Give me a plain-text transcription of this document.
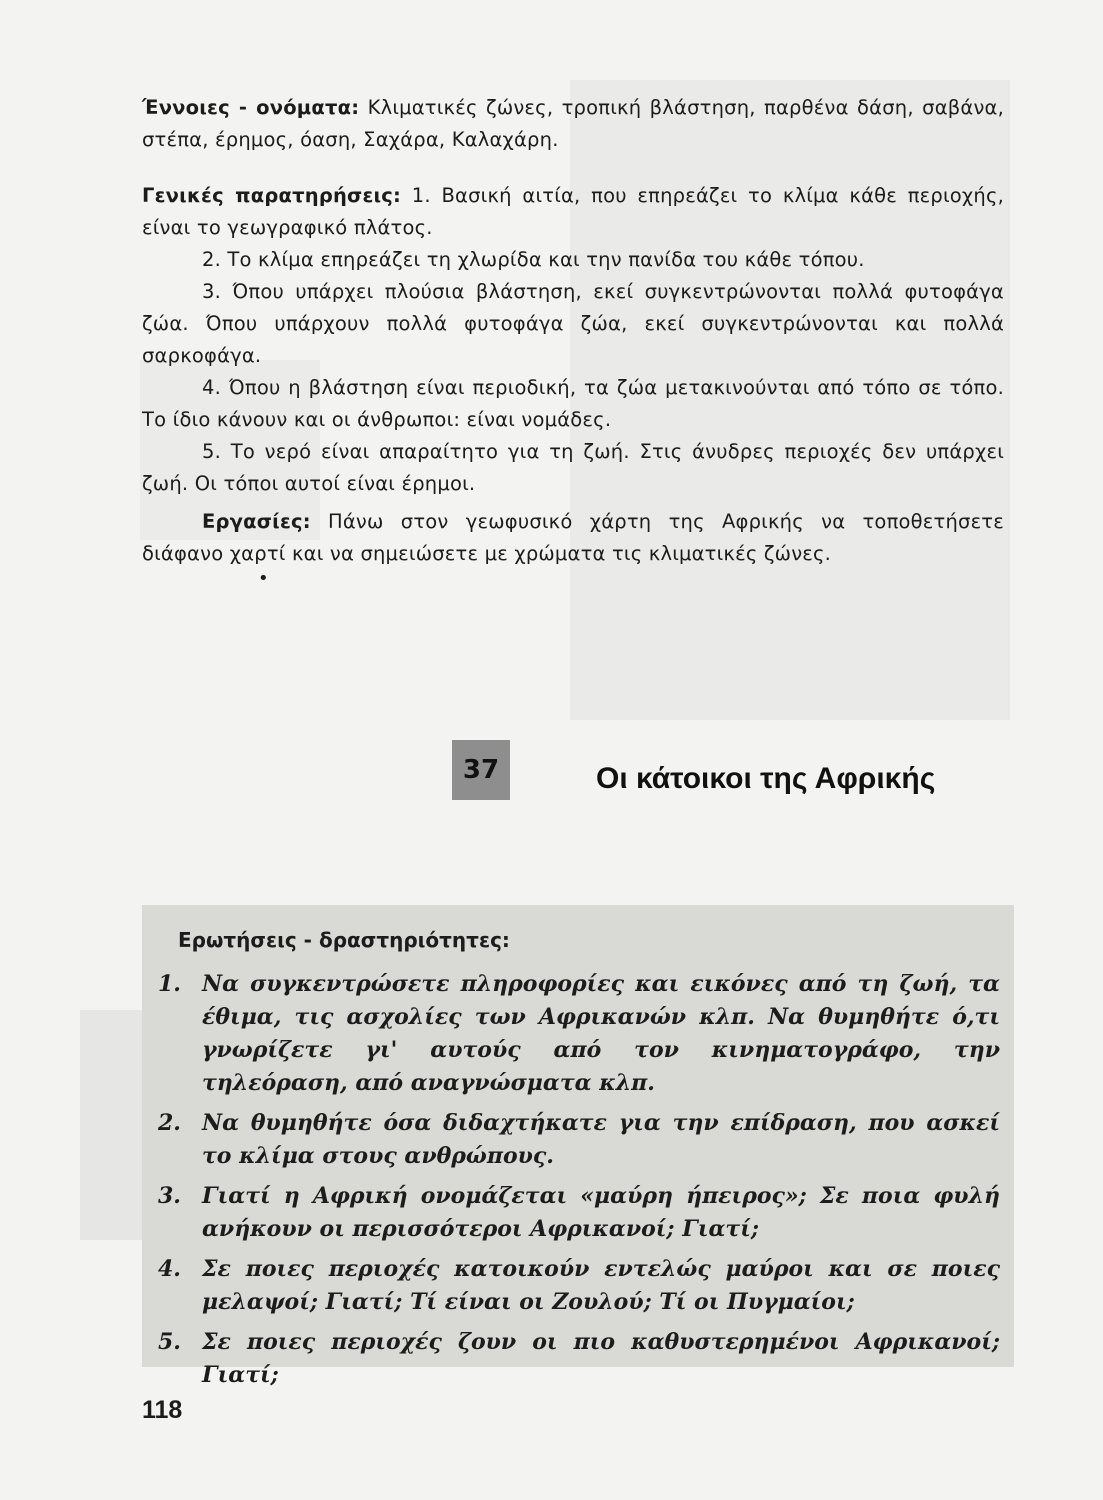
Έννοιες - ονόματα: Κλιματικές ζώνες, τροπική βλάστηση, παρθένα δάση, σαβάνα, στέπα, έρημος, όαση, Σαχάρα, Καλαχάρη.

Γενικές παρατηρήσεις: 1. Βασική αιτία, που επηρεάζει το κλίμα κάθε περιοχής, είναι το γεωγραφικό πλάτος.

2. Το κλίμα επηρεάζει τη χλωρίδα και την πανίδα του κάθε τόπου.

3. Όπου υπάρχει πλούσια βλάστηση, εκεί συγκεντρώνονται πολλά φυτοφάγα ζώα. Όπου υπάρχουν πολλά φυτοφάγα ζώα, εκεί συγκεντρώνονται και πολλά σαρκοφάγα.

4. Όπου η βλάστηση είναι περιοδική, τα ζώα μετακινούνται από τόπο σε τόπο. Το ίδιο κάνουν και οι άνθρωποι: είναι νομάδες.

5. Το νερό είναι απαραίτητο για τη ζωή. Στις άνυδρες περιοχές δεν υπάρχει ζωή. Οι τόποι αυτοί είναι έρημοι.

Εργασίες: Πάνω στον γεωφυσικό χάρτη της Αφρικής να τοποθετήσετε διάφανο χαρτί και να σημειώσετε με χρώματα τις κλιματικές ζώνες.

•
37	Οι κάτοικοι της Αφρικής
Ερωτήσεις - δραστηριότητες:
1. Να συγκεντρώσετε πληροφορίες και εικόνες από τη ζωή, τα έθιμα, τις ασχολίες των Αφρικανών κλπ. Να θυμηθήτε ό,τι γνωρίζετε γι' αυτούς από τον κινηματογράφο, την τηλεόραση, από αναγνώσματα κλπ.
2. Να θυμηθήτε όσα διδαχτήκατε για την επίδραση, που ασκεί το κλίμα στους ανθρώπους.
3. Γιατί η Αφρική ονομάζεται «μαύρη ήπειρος»; Σε ποια φυλή ανήκουν οι περισσότεροι Αφρικανοί; Γιατί;
4. Σε ποιες περιοχές κατοικούν εντελώς μαύροι και σε ποιες μελαψοί; Γιατί; Τί είναι οι Ζουλού; Τί οι Πυγμαίοι;
5. Σε ποιες περιοχές ζουν οι πιο καθυστερημένοι Αφρικανοί; Γιατί;
118
